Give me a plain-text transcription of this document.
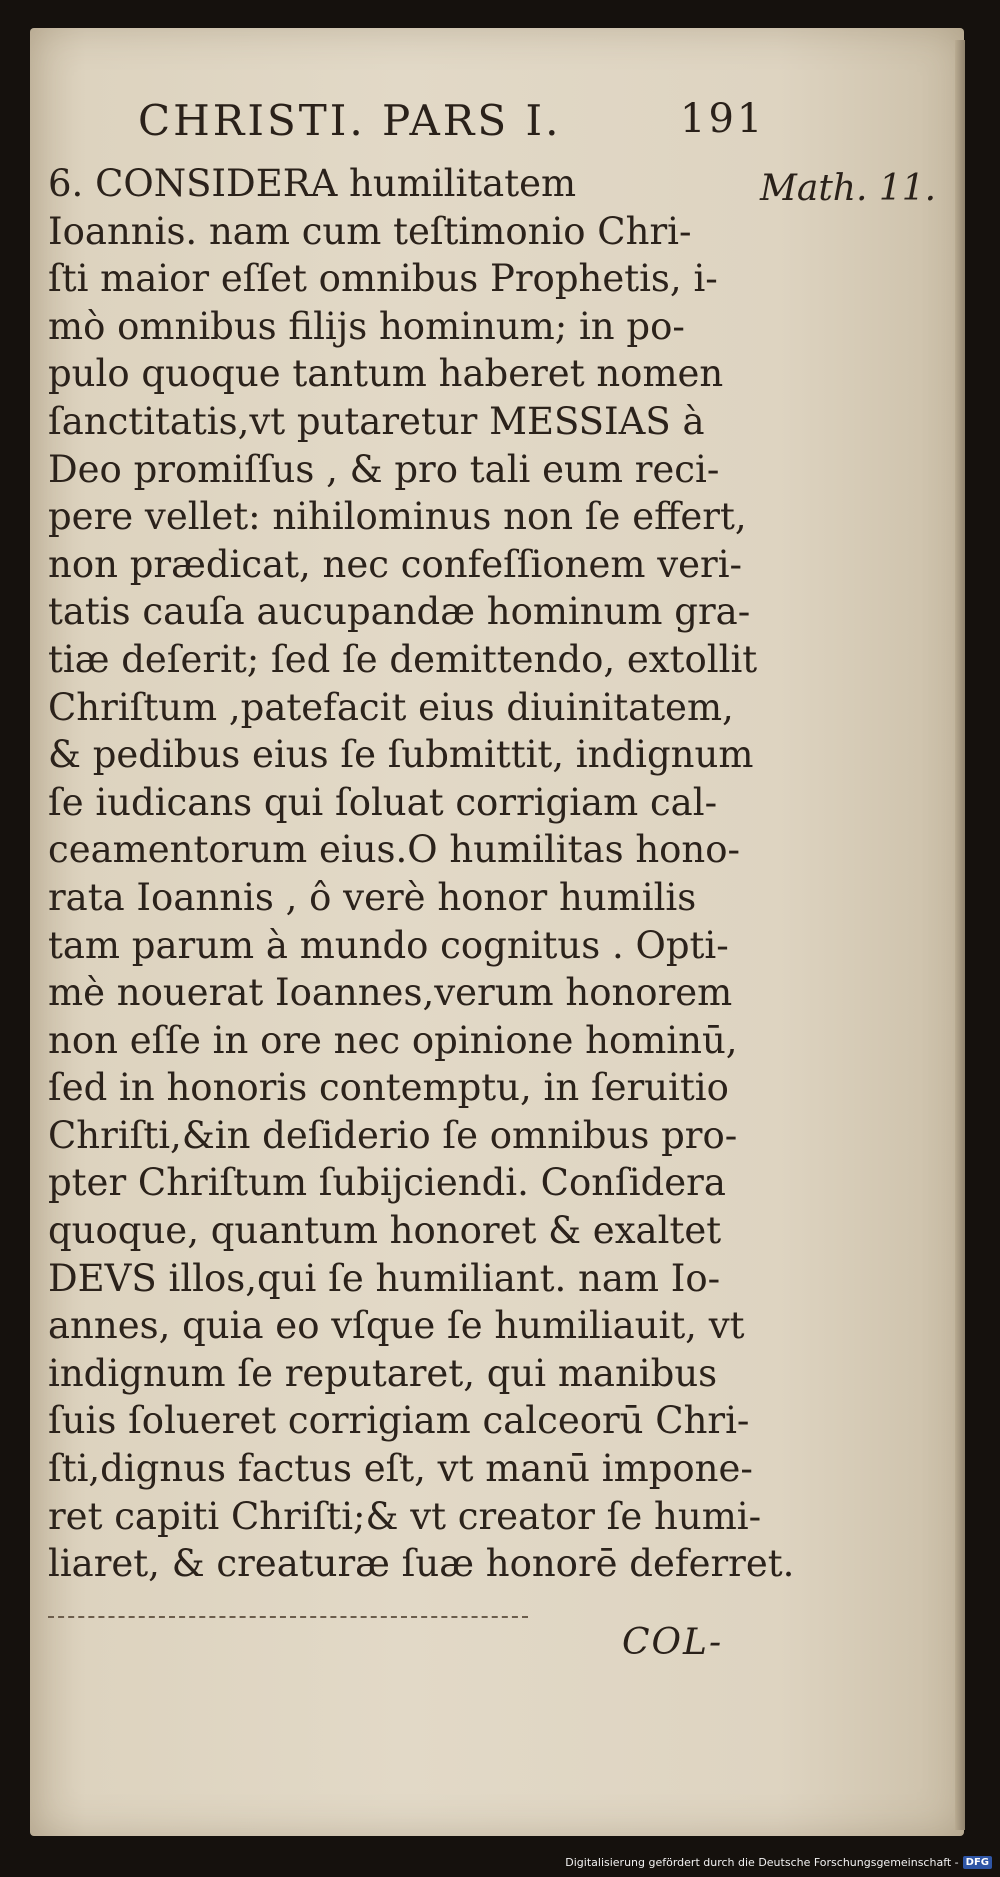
CHRISTI. PARS I.	191
Math. 11.
6. CONSIDERA humilitatem
Ioannis. nam cum teſtimonio Chri-
ſti maior eſſet omnibus Prophetis, i-
mò omnibus filijs hominum; in po-
pulo quoque tantum haberet nomen
ſanctitatis,vt putaretur MESSIAS à
Deo promiſſus , & pro tali eum reci-
pere vellet: nihilominus non ſe effert,
non prædicat, nec confeſſionem veri-
tatis cauſa aucupandæ hominum gra-
tiæ deſerit; ſed ſe demittendo, extollit
Chriſtum ,patefacit eius diuinitatem,
& pedibus eius ſe ſubmittit, indignum
ſe iudicans qui ſoluat corrigiam cal-
ceamentorum eius.O humilitas hono-
rata Ioannis , ô verè honor humilis
tam parum à mundo cognitus . Opti-
mè nouerat Ioannes,verum honorem
non eſſe in ore nec opinione hominū,
ſed in honoris contemptu, in ſeruitio
Chriſti,&in deſiderio ſe omnibus pro-
pter Chriſtum ſubijciendi. Conſidera
quoque, quantum honoret & exaltet
DEVS illos,qui ſe humiliant. nam Io-
annes, quia eo vſque ſe humiliauit, vt
indignum ſe reputaret, qui manibus
ſuis ſolueret corrigiam calceorū Chri-
ſti,dignus factus eſt, vt manū impone-
ret capiti Chriſti;& vt creator ſe humi-
liaret, & creaturæ ſuæ honorē deferret.
COL-
Digitalisierung gefördert durch die Deutsche Forschungsgemeinschaft - DFG
